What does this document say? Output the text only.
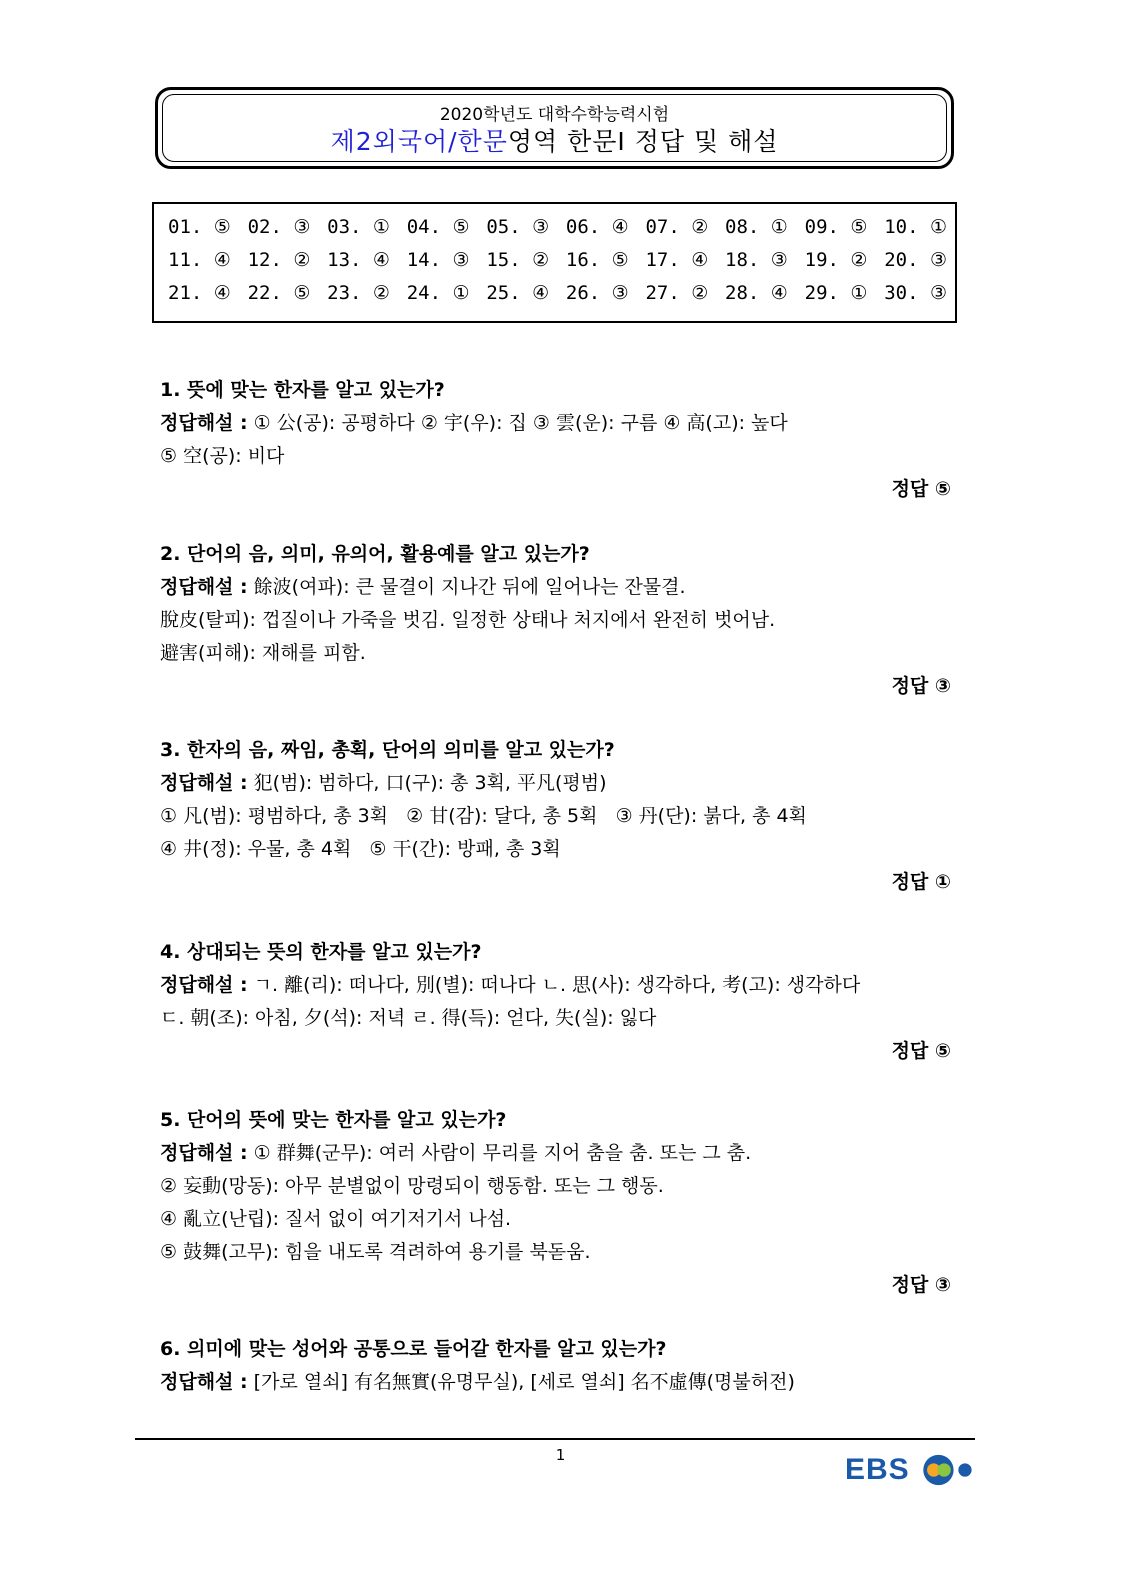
2020학년도 대학수학능력시험
제2외국어/한문영역 한문Ⅰ 정답 및 해설
01. ⑤ 02. ③ 03. ① 04. ⑤ 05. ③ 06. ④ 07. ② 08. ① 09. ⑤ 10. ①
11. ④ 12. ② 13. ④ 14. ③ 15. ② 16. ⑤ 17. ④ 18. ③ 19. ② 20. ③
21. ④ 22. ⑤ 23. ② 24. ① 25. ④ 26. ③ 27. ② 28. ④ 29. ① 30. ③
1. 뜻에 맞는 한자를 알고 있는가?
정답해설 : ① 公(공): 공평하다 ② 宇(우): 집 ③ 雲(운): 구름 ④ 高(고): 높다
⑤ 空(공): 비다
정답 ⑤
2. 단어의 음, 의미, 유의어, 활용예를 알고 있는가?
정답해설 : 餘波(여파): 큰 물결이 지나간 뒤에 일어나는 잔물결.
脫皮(탈피): 껍질이나 가죽을 벗김. 일정한 상태나 처지에서 완전히 벗어남.
避害(피해): 재해를 피함.
정답 ③
3. 한자의 음, 짜임, 총획, 단어의 의미를 알고 있는가?
정답해설 : 犯(범): 범하다, 口(구): 총 3획, 平凡(평범)
① 凡(범): 평범하다, 총 3획   ② 甘(감): 달다, 총 5획   ③ 丹(단): 붉다, 총 4획
④ 井(정): 우물, 총 4획   ⑤ 干(간): 방패, 총 3획
정답 ①
4. 상대되는 뜻의 한자를 알고 있는가?
정답해설 : ㄱ. 離(리): 떠나다, 別(별): 떠나다 ㄴ. 思(사): 생각하다, 考(고): 생각하다
ㄷ. 朝(조): 아침, 夕(석): 저녁 ㄹ. 得(득): 얻다, 失(실): 잃다
정답 ⑤
5. 단어의 뜻에 맞는 한자를 알고 있는가?
정답해설 : ① 群舞(군무): 여러 사람이 무리를 지어 춤을 춤. 또는 그 춤.
② 妄動(망동): 아무 분별없이 망령되이 행동함. 또는 그 행동.
④ 亂立(난립): 질서 없이 여기저기서 나섬.
⑤ 鼓舞(고무): 힘을 내도록 격려하여 용기를 북돋움.
정답 ③
6. 의미에 맞는 성어와 공통으로 들어갈 한자를 알고 있는가?
정답해설 : [가로 열쇠] 有名無實(유명무실), [세로 열쇠] 名不虛傳(명불허전)
1	EBS
